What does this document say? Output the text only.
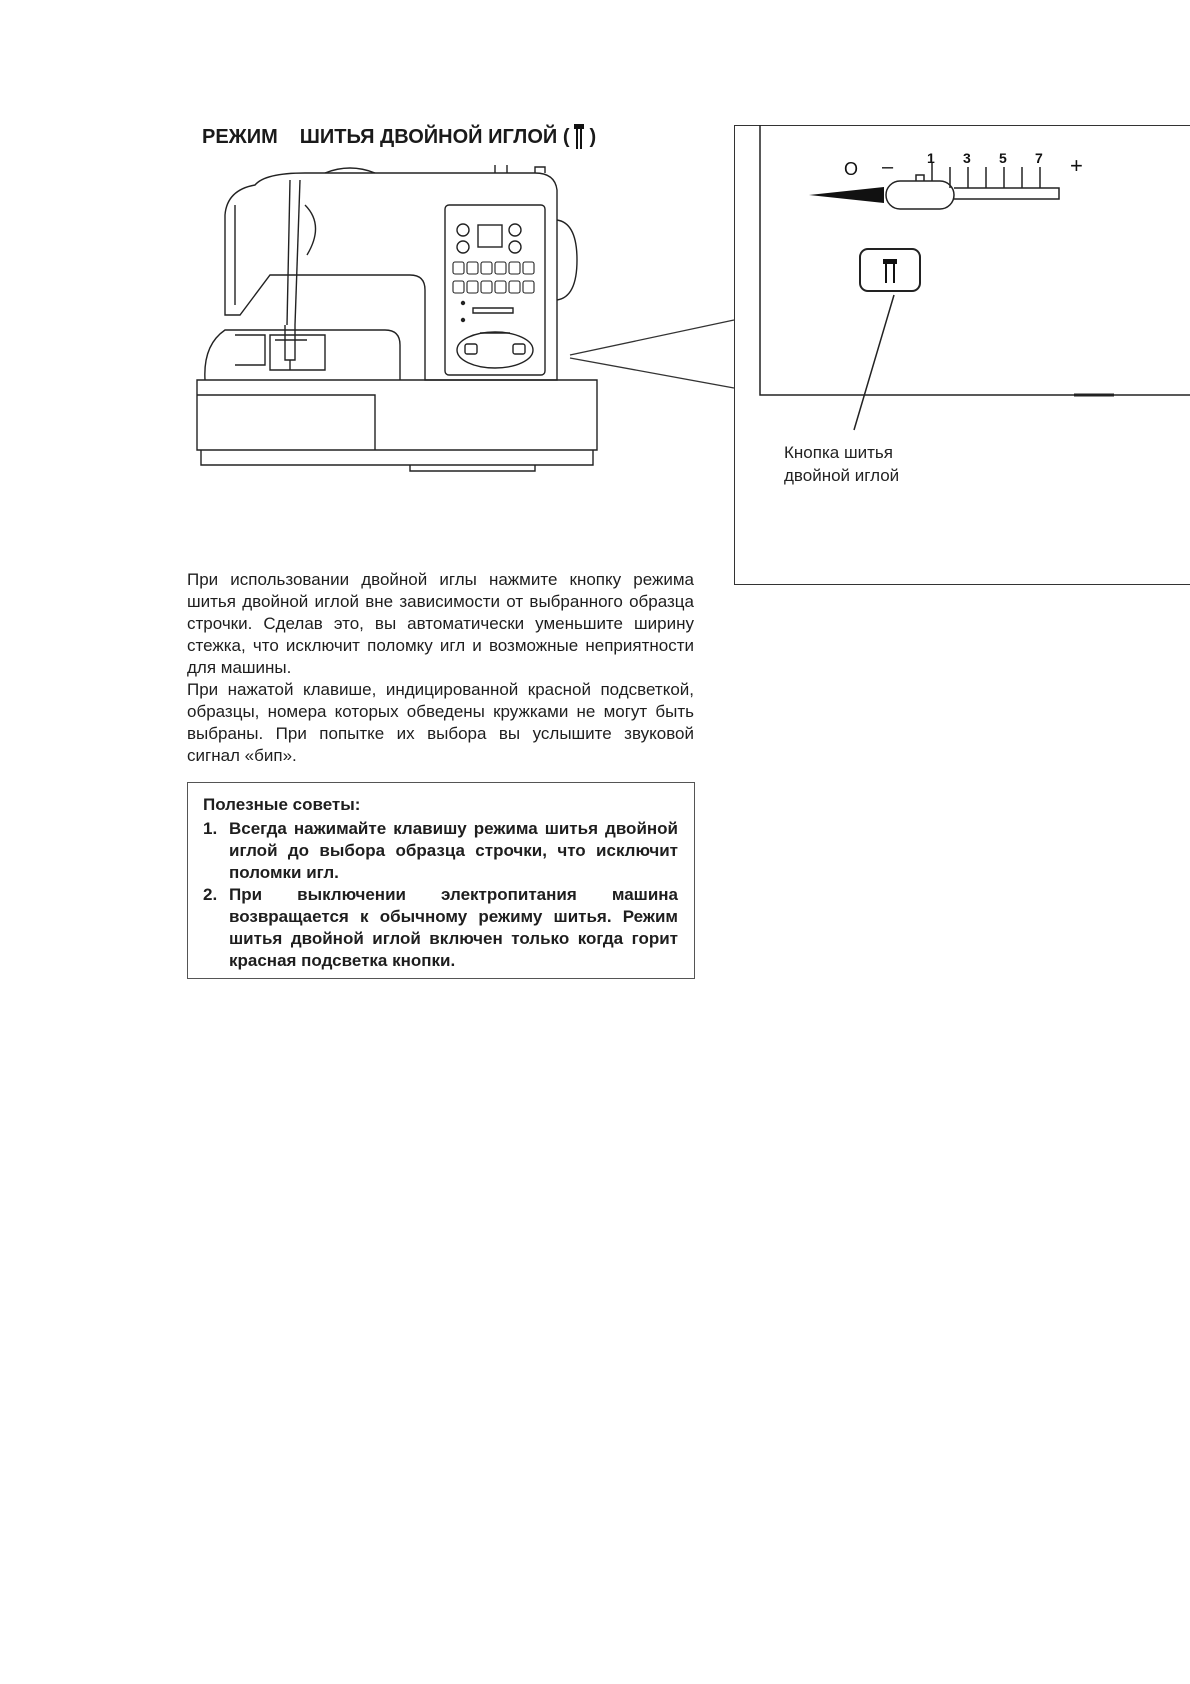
РЕЖИМ ШИТЬЯ ДВОЙНОЙ ИГЛОЙ ( )
O – 1 3 5 7 +
Кнопка шитья
двойной иглой

При использовании двойной иглы нажмите кнопку режима шитья двойной иглой вне зависимости от выбранного образца строчки. Сделав это, вы автоматически уменьшите ширину стежка, что исключит поломку игл и возможные неприятности для машины.

При нажатой клавише, индицированной красной подсветкой, образцы, номера которых обведены кружками не могут быть выбраны. При попытке их выбора вы услышите звуковой сигнал «бип».

Полезные советы:
1. Всегда нажимайте клавишу режима шитья двойной иглой до выбора образца строчки, что исключит поломки игл.
2. При выключении электропитания машина возвращается к обычному режиму шитья. Режим шитья двойной иглой включен только когда горит красная подсветка кнопки.
